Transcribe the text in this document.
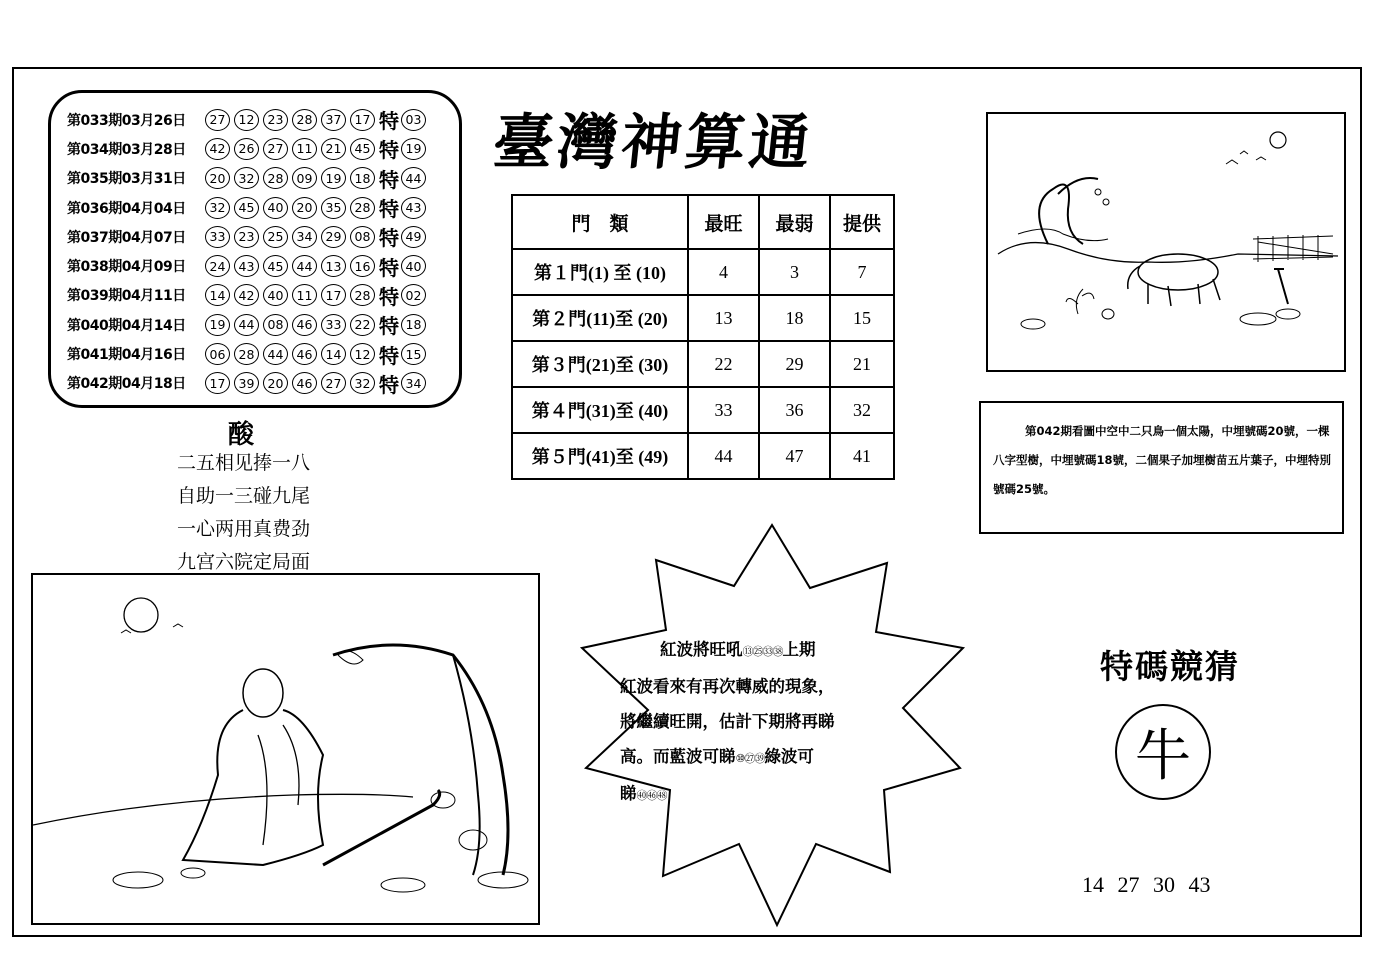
第033期03月26日	27	12	23	28	37	17 特 03
第034期03月28日	42	26	27	11	21	45 特 19
第035期03月31日	20	32	28	09	19	18 特 44
第036期04月04日	32	45	40	20	35	28 特 43
第037期04月07日	33	23	25	34	29	08 特 49
第038期04月09日	24	43	45	44	13	16 特 40
第039期04月11日	14	42	40	11	17	28 特 02
第040期04月14日	19	44	08	46	33	22 特 18
第041期04月16日	06	28	44	46	14	12 特 15
第042期04月18日	17	39	20	46	27	32 特 34
臺灣神算通
門　類	最旺	最弱	提供
第１門(1) 至 (10)	4	3	7
第２門(11)至 (20)	13	18	15
第３門(21)至 (30)	22	29	21
第４門(31)至 (40)	33	36	32
第５門(41)至 (49)	44	47	41
酸
二五相见捧一八
自助一三碰九尾
一心两用真费劲
九宫六院定局面

第042期看圖中空中二只鳥一個太陽，中埋號碼20號，一棵八字型樹，中埋號碼18號，二個果子加埋樹苗五片葉子，中埋特別號碼25號。

紅波將旺吼⑬㉕㉝㊳上期
紅波看來有再次轉威的現象，
將繼續旺開，估計下期將再睇
高。而藍波可睇⑩㉗㊴綠波可
睇㊵㊻㊽
特碼競猜
牛
14 27 30 43
